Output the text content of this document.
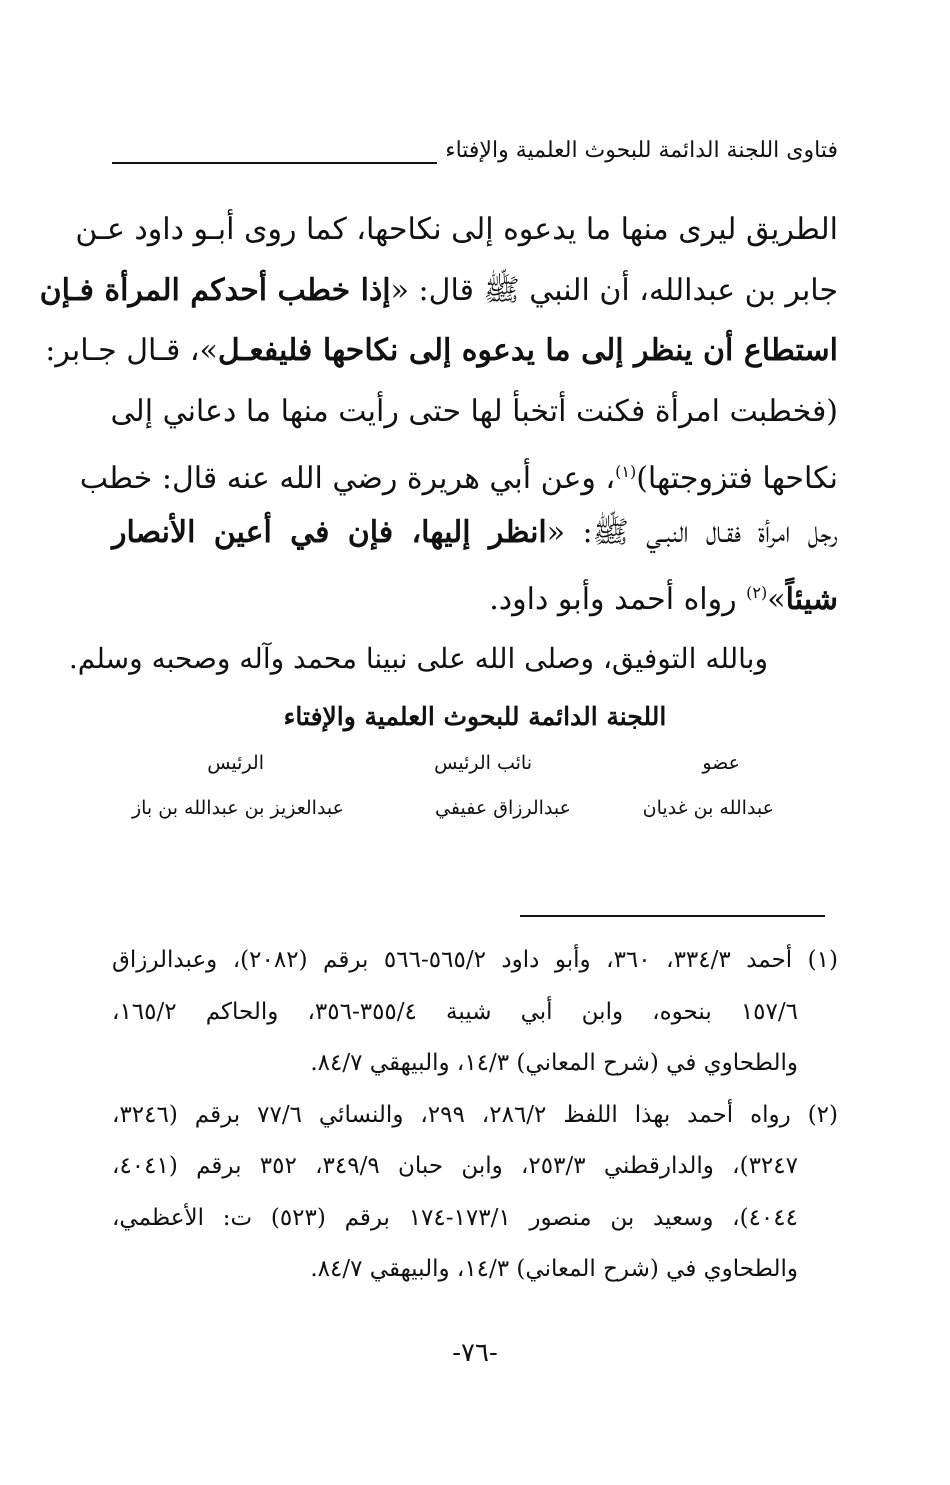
فتاوى اللجنة الدائمة للبحوث العلمية والإفتاء
الطريق ليرى منها ما يدعوه إلى نكاحها، كما روى أبـو داود عـن
جابر بن عبدالله، أن النبي ﷺ قال: «إذا خطب أحدكم المرأة فـإن
استطاع أن ينظر إلى ما يدعوه إلى نكاحها فليفعـل»، قـال جـابر:
(فخطبت امرأة فكنت أتخبأ لها حتى رأيت منها ما دعاني إلى
نكاحها فتزوجتها)$^{(١)}$، وعن أبي هريرة رضي الله عنه قال: خطب
رجل امرأة فقـال النبـي ﷺ: «انظر إليها، فإن في أعين الأنصار
شيئاً»$^{(٢)}$ رواه أحمد وأبو داود.
وبالله التوفيق، وصلى الله على نبينا محمد وآله وصحبه وسلم.
اللجنة الدائمة للبحوث العلمية والإفتاء
عضو
عبدالله بن غديان
نائب الرئيس
عبدالرزاق عفيفي
الرئيس
عبدالعزيز بن عبدالله بن باز
(١) أحمد ٣٣٤/٣، ٣٦٠، وأبو داود ٥٦٥/٢-٥٦٦ برقم (٢٠٨٢)، وعبدالرزاق
١٥٧/٦ بنحوه، وابن أبي شيبة ٣٥٥/٤-٣٥٦، والحاكم ١٦٥/٢،
والطحاوي في (شرح المعاني) ١٤/٣، والبيهقي ٨٤/٧.
(٢) رواه أحمد بهذا اللفظ ٢٨٦/٢، ٢٩٩، والنسائي ٧٧/٦ برقم (٣٢٤٦،
٣٢٤٧)، والدارقطني ٢٥٣/٣، وابن حبان ٣٤٩/٩، ٣٥٢ برقم (٤٠٤١،
٤٠٤٤)، وسعيد بن منصور ١٧٣/١-١٧٤ برقم (٥٢٣) ت: الأعظمي،
والطحاوي في (شرح المعاني) ١٤/٣، والبيهقي ٨٤/٧.
-٧٦-
